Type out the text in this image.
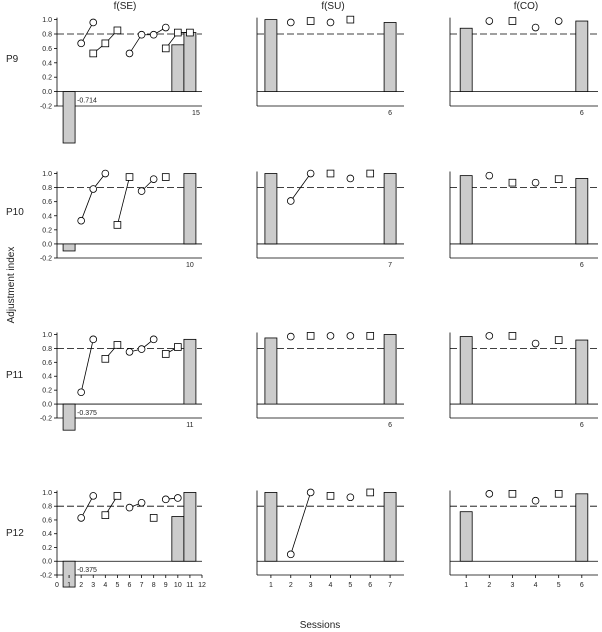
f(SE)	f(SU)	f(CO)
P9
P10
P11
P12
Adjustment index
Sessions
1.0
0.8
0.6
0.4
0.2
0.0
-0.2
-0.714
15	6	6
1.0
0.8
0.6
0.4
0.2
0.0
-0.2
10	7	6
1.0
0.8
0.6
0.4
0.2
0.0
-0.2
-0.375
11	6	6
1.0
0.8
0.6
0.4
0.2
0.0
-0.2
-0.375
0 1 2 3 4 5 6 7 8 9 10 11 12	1 2 3 4 5 6 7	1	2	3	4	5	6
